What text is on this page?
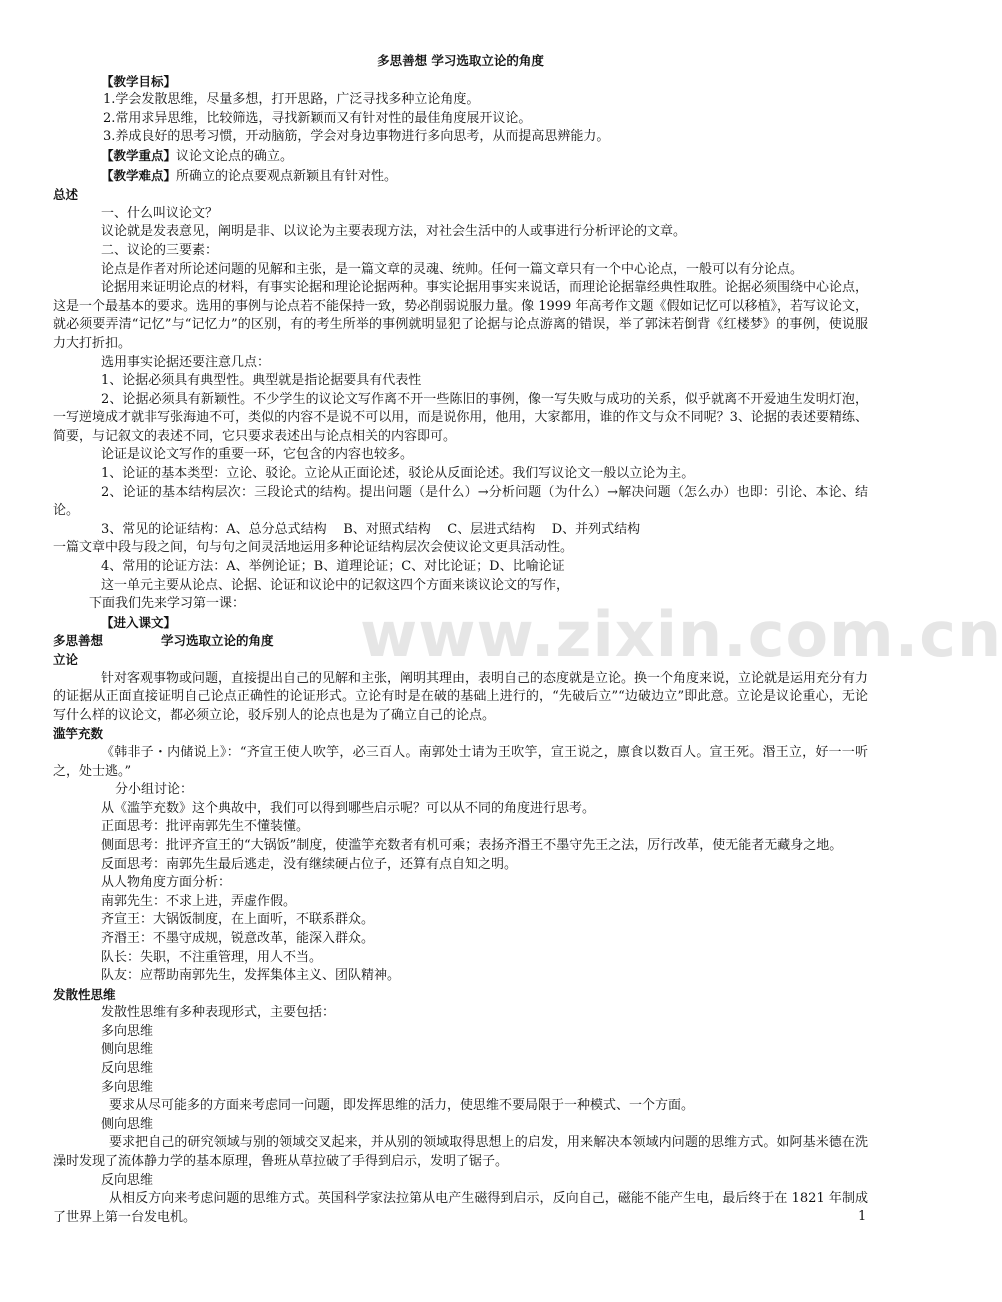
www.zixin.com.cn
多思善想 学习选取立论的角度

【教学目标】

1.学会发散思维，尽量多想，打开思路，广泛寻找多种立论角度。

2.常用求异思维，比较筛选，寻找新颖而又有针对性的最佳角度展开议论。

3.养成良好的思考习惯，开动脑筋，学会对身边事物进行多向思考，从而提高思辨能力。

【教学重点】议论文论点的确立。

【教学难点】所确立的论点要观点新颖且有针对性。

总述

一、什么叫议论文？

议论就是发表意见，阐明是非、以议论为主要表现方法，对社会生活中的人或事进行分析评论的文章。

二、议论的三要素：

论点是作者对所论述问题的见解和主张，是一篇文章的灵魂、统帅。任何一篇文章只有一个中心论点，一般可以有分论点。

论据用来证明论点的材料，有事实论据和理论论据两种。事实论据用事实来说话，而理论论据靠经典性取胜。论据必须围绕中心论点，这是一个最基本的要求。选用的事例与论点若不能保持一致，势必削弱说服力量。像 1999 年高考作文题《假如记忆可以移植》，若写议论文，就必须要弄清“记忆”与“记忆力”的区别，有的考生所举的事例就明显犯了论据与论点游离的错误，举了郭沫若倒背《红楼梦》的事例，使说服力大打折扣。

选用事实论据还要注意几点：

1、论据必须具有典型性。典型就是指论据要具有代表性

2、论据必须具有新颖性。不少学生的议论文写作离不开一些陈旧的事例，像一写失败与成功的关系，似乎就离不开爱迪生发明灯泡，一写逆境成才就非写张海迪不可，类似的内容不是说不可以用，而是说你用，他用，大家都用，谁的作文与众不同呢？3、论据的表述要精练、简要，与记叙文的表述不同，它只要求表述出与论点相关的内容即可。

论证是议论文写作的重要一环，它包含的内容也较多。

1、论证的基本类型：立论、驳论。立论从正面论述，驳论从反面论述。我们写议论文一般以立论为主。

2、论证的基本结构层次：三段论式的结构。提出问题（是什么）→分析问题（为什么）→解决问题（怎么办）也即：引论、本论、结论。

3、常见的论证结构：A、总分总式结构    B、对照式结构    C、层进式结构    D、并列式结构

一篇文章中段与段之间，句与句之间灵活地运用多种论证结构层次会使议论文更具活动性。

4、常用的论证方法：A、举例论证；B、道理论证；C、对比论证；D、比喻论证

这一单元主要从论点、论据、论证和议论中的记叙这四个方面来谈议论文的写作，

下面我们先来学习第一课：

【进入课文】

多思善想	学习选取立论的角度

立论

针对客观事物或问题，直接提出自己的见解和主张，阐明其理由，表明自己的态度就是立论。换一个角度来说，立论就是运用充分有力的证据从正面直接证明自己论点正确性的论证形式。立论有时是在破的基础上进行的，“先破后立”“边破边立”即此意。立论是议论重心，无论写什么样的议论文，都必须立论，驳斥别人的论点也是为了确立自己的论点。

滥竽充数

《韩非子・内储说上》：“齐宣王使人吹竽，必三百人。南郭处士请为王吹竽，宣王说之，廪食以数百人。宣王死。湣王立，好一一听之，处士逃。”

分小组讨论：

从《滥竽充数》这个典故中，我们可以得到哪些启示呢？可以从不同的角度进行思考。

正面思考：批评南郭先生不懂装懂。

侧面思考：批评齐宣王的“大锅饭”制度，使滥竽充数者有机可乘；表扬齐湣王不墨守先王之法，厉行改革，使无能者无藏身之地。

反面思考：南郭先生最后逃走，没有继续硬占位子，还算有点自知之明。

从人物角度方面分析：

南郭先生：不求上进，弄虚作假。

齐宣王：大锅饭制度，在上面听，不联系群众。

齐湣王：不墨守成规，锐意改革，能深入群众。

队长：失职，不注重管理，用人不当。

队友：应帮助南郭先生，发挥集体主义、团队精神。

发散性思维

发散性思维有多种表现形式，主要包括：

多向思维

侧向思维

反向思维

多向思维

要求从尽可能多的方面来考虑同一问题，即发挥思维的活力，使思维不要局限于一种模式、一个方面。

侧向思维

要求把自己的研究领域与别的领域交叉起来，并从别的领域取得思想上的启发，用来解决本领域内问题的思维方式。如阿基米德在洗澡时发现了流体静力学的基本原理，鲁班从草拉破了手得到启示，发明了锯子。

反向思维

从相反方向来考虑问题的思维方式。英国科学家法拉第从电产生磁得到启示，反向自己，磁能不能产生电，最后终于在 1821 年制成了世界上第一台发电机。	1
